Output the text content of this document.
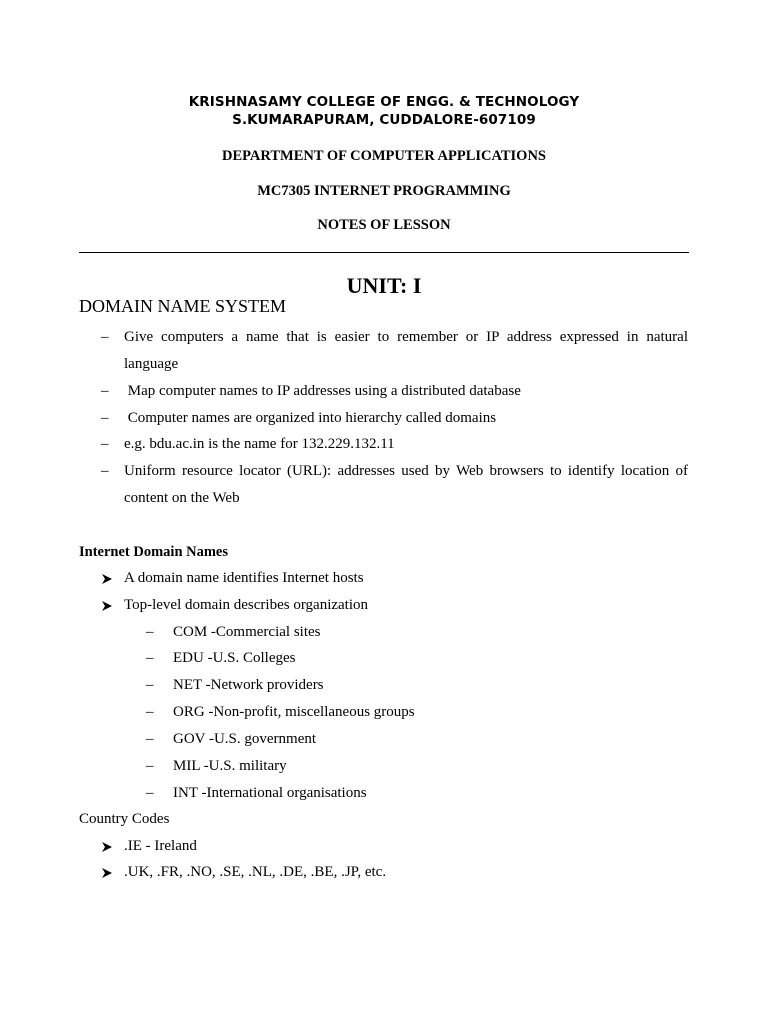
KRISHNASAMY COLLEGE OF ENGG. & TECHNOLOGY
S.KUMARAPURAM, CUDDALORE-607109
DEPARTMENT OF COMPUTER APPLICATIONS
MC7305 INTERNET PROGRAMMING
NOTES OF LESSON
UNIT: I
DOMAIN NAME SYSTEM
–	Give computers a name that is easier to remember or IP address expressed in natural
language
–	Map computer names to IP addresses using a distributed database
–	Computer names are organized into hierarchy called domains
–	e.g. bdu.ac.in is the name for 132.229.132.11
–	Uniform resource locator (URL): addresses used by Web browsers to identify location of
content on the Web
Internet Domain Names
A domain name identifies Internet hosts
Top-level domain describes organization
– COM -Commercial sites
– EDU -U.S. Colleges
– NET -Network providers
– ORG -Non-profit, miscellaneous groups
– GOV -U.S. government
– MIL -U.S. military
– INT -International organisations
Country Codes
.IE - Ireland
.UK, .FR, .NO, .SE, .NL, .DE, .BE, .JP, etc.
